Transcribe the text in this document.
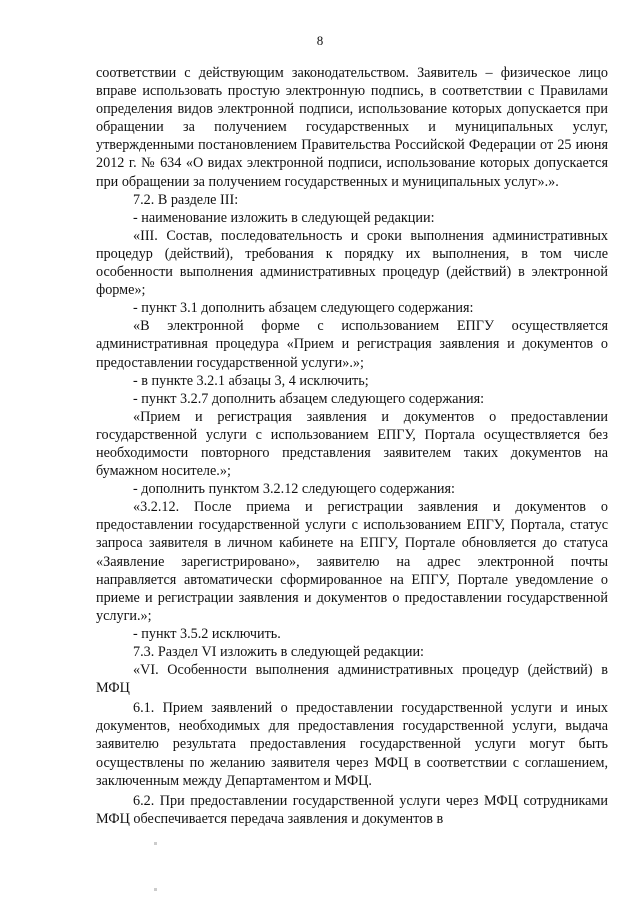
8

соответствии с действующим законодательством. Заявитель – физическое лицо вправе использовать простую электронную подпись, в соответствии с Правилами определения видов электронной подписи, использование которых допускается при обращении за получением государственных и муниципальных услуг, утвержденными постановлением Правительства Российской Федерации от 25 июня 2012 г. № 634 «О видах электронной подписи, использование которых допускается при обращении за получением государственных и муниципальных услуг».».

7.2. В разделе III:

- наименование изложить в следующей редакции:

«III. Состав, последовательность и сроки выполнения административных процедур (действий), требования к порядку их выполнения, в том числе особенности выполнения административных процедур (действий) в электронной форме»;

- пункт 3.1 дополнить абзацем следующего содержания:

«В электронной форме с использованием ЕПГУ осуществляется административная процедура «Прием и регистрация заявления и документов о предоставлении государственной услуги».»;

- в пункте 3.2.1 абзацы 3, 4 исключить;

- пункт 3.2.7 дополнить абзацем следующего содержания:

«Прием и регистрация заявления и документов о предоставлении государственной услуги с использованием ЕПГУ, Портала осуществляется без необходимости повторного представления заявителем таких документов на бумажном носителе.»;

- дополнить пунктом 3.2.12 следующего содержания:

«3.2.12. После приема и регистрации заявления и документов о предоставлении государственной услуги с использованием ЕПГУ, Портала, статус запроса заявителя в личном кабинете на ЕПГУ, Портале обновляется до статуса «Заявление зарегистрировано», заявителю на адрес электронной почты направляется автоматически сформированное на ЕПГУ, Портале уведомление о приеме и регистрации заявления и документов о предоставлении государственной услуги.»;

- пункт 3.5.2 исключить.

7.3. Раздел VI изложить в следующей редакции:

«VI. Особенности выполнения административных процедур (действий) в МФЦ

6.1. Прием заявлений о предоставлении государственной услуги и иных документов, необходимых для предоставления государственной услуги, выдача заявителю результата предоставления государственной услуги могут быть осуществлены по желанию заявителя через МФЦ в соответствии с соглашением, заключенным между Департаментом и МФЦ.

6.2. При предоставлении государственной услуги через МФЦ сотрудниками МФЦ обеспечивается передача заявления и документов в
